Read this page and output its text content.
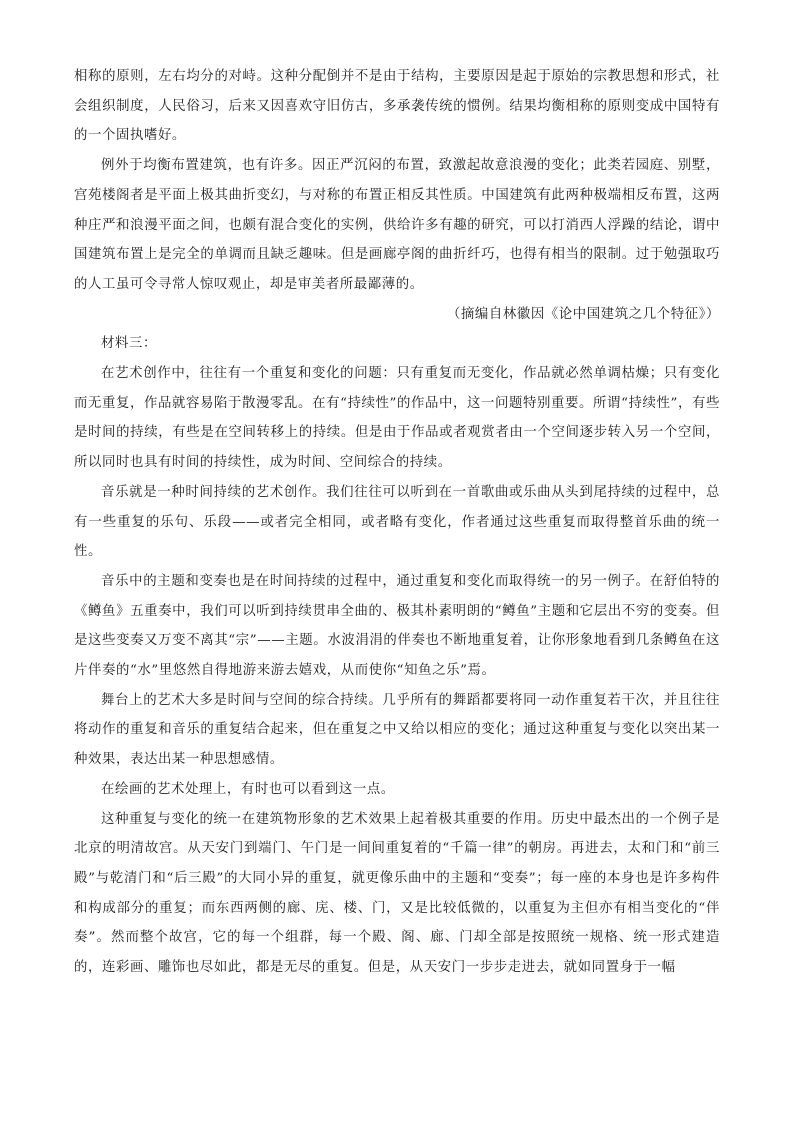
相称的原则，左右均分的对峙。这种分配倒并不是由于结构，主要原因是起于原始的宗教思想和形式，社会组织制度，人民俗习，后来又因喜欢守旧仿古，多承袭传统的惯例。结果均衡相称的原则变成中国特有的一个固执嗜好。

例外于均衡布置建筑，也有许多。因正严沉闷的布置，致激起故意浪漫的变化；此类若园庭、别墅，宫苑楼阁者是平面上极其曲折变幻，与对称的布置正相反其性质。中国建筑有此两种极端相反布置，这两种庄严和浪漫平面之间，也颇有混合变化的实例，供给许多有趣的研究，可以打消西人浮躁的结论，谓中国建筑布置上是完全的单调而且缺乏趣味。但是画廊亭阁的曲折纤巧，也得有相当的限制。过于勉强取巧的人工虽可令寻常人惊叹观止，却是审美者所最鄙薄的。

（摘编自林徽因《论中国建筑之几个特征》）

材料三：

在艺术创作中，往往有一个重复和变化的问题：只有重复而无变化，作品就必然单调枯燥；只有变化而无重复，作品就容易陷于散漫零乱。在有“持续性”的作品中，这一问题特别重要。所谓“持续性”，有些是时间的持续，有些是在空间转移上的持续。但是由于作品或者观赏者由一个空间逐步转入另一个空间，所以同时也具有时间的持续性，成为时间、空间综合的持续。

音乐就是一种时间持续的艺术创作。我们往往可以听到在一首歌曲或乐曲从头到尾持续的过程中，总有一些重复的乐句、乐段——或者完全相同，或者略有变化，作者通过这些重复而取得整首乐曲的统一性。

音乐中的主题和变奏也是在时间持续的过程中，通过重复和变化而取得统一的另一例子。在舒伯特的《鳟鱼》五重奏中，我们可以听到持续贯串全曲的、极其朴素明朗的“鳟鱼”主题和它层出不穷的变奏。但是这些变奏又万变不离其“宗”——主题。水波涓涓的伴奏也不断地重复着，让你形象地看到几条鳟鱼在这片伴奏的“水”里悠然自得地游来游去嬉戏，从而使你“知鱼之乐”焉。

舞台上的艺术大多是时间与空间的综合持续。几乎所有的舞蹈都要将同一动作重复若干次，并且往往将动作的重复和音乐的重复结合起来，但在重复之中又给以相应的变化；通过这种重复与变化以突出某一种效果，表达出某一种思想感情。

在绘画的艺术处理上，有时也可以看到这一点。

这种重复与变化的统一在建筑物形象的艺术效果上起着极其重要的作用。历史中最杰出的一个例子是北京的明清故宫。从天安门到端门、午门是一间间重复着的“千篇一律”的朝房。再进去，太和门和“前三殿”与乾清门和“后三殿”的大同小异的重复，就更像乐曲中的主题和“变奏”；每一座的本身也是许多构件和构成部分的重复；而东西两侧的廊、庑、楼、门，又是比较低微的，以重复为主但亦有相当变化的“伴奏”。然而整个故宫，它的每一个组群，每一个殿、阁、廊、门却全部是按照统一规格、统一形式建造的，连彩画、雕饰也尽如此，都是无尽的重复。但是，从天安门一步步走进去，就如同置身于一幅
